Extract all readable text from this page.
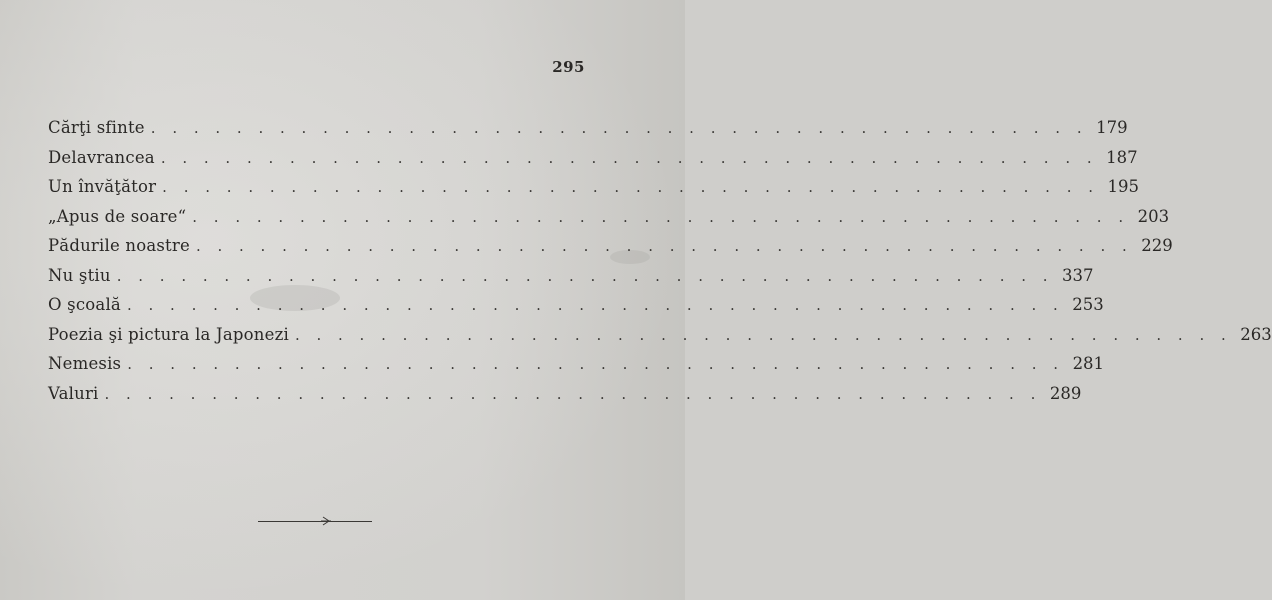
295
Cărţi sfinte . . . . . . . . . . . . . . . . . . . . . . . . . . . . . . . . . . . . . . . . . . . . 179
Delavrancea . . . . . . . . . . . . . . . . . . . . . . . . . . . . . . . . . . . . . . . . . . . . 187
Un învăţător . . . . . . . . . . . . . . . . . . . . . . . . . . . . . . . . . . . . . . . . . . . . 195
„Apus de soare“ . . . . . . . . . . . . . . . . . . . . . . . . . . . . . . . . . . . . . . . . . . . . 203
Pădurile noastre . . . . . . . . . . . . . . . . . . . . . . . . . . . . . . . . . . . . . . . . . . . . 229
Nu ştiu . . . . . . . . . . . . . . . . . . . . . . . . . . . . . . . . . . . . . . . . . . . . 337
O şcoală . . . . . . . . . . . . . . . . . . . . . . . . . . . . . . . . . . . . . . . . . . . . 253
Poezia şi pictura la Japonezi . . . . . . . . . . . . . . . . . . . . . . . . . . . . . . . . . . . . . . . . . . . . 263
Nemesis . . . . . . . . . . . . . . . . . . . . . . . . . . . . . . . . . . . . . . . . . . . . 281
Valuri . . . . . . . . . . . . . . . . . . . . . . . . . . . . . . . . . . . . . . . . . . . . 289
